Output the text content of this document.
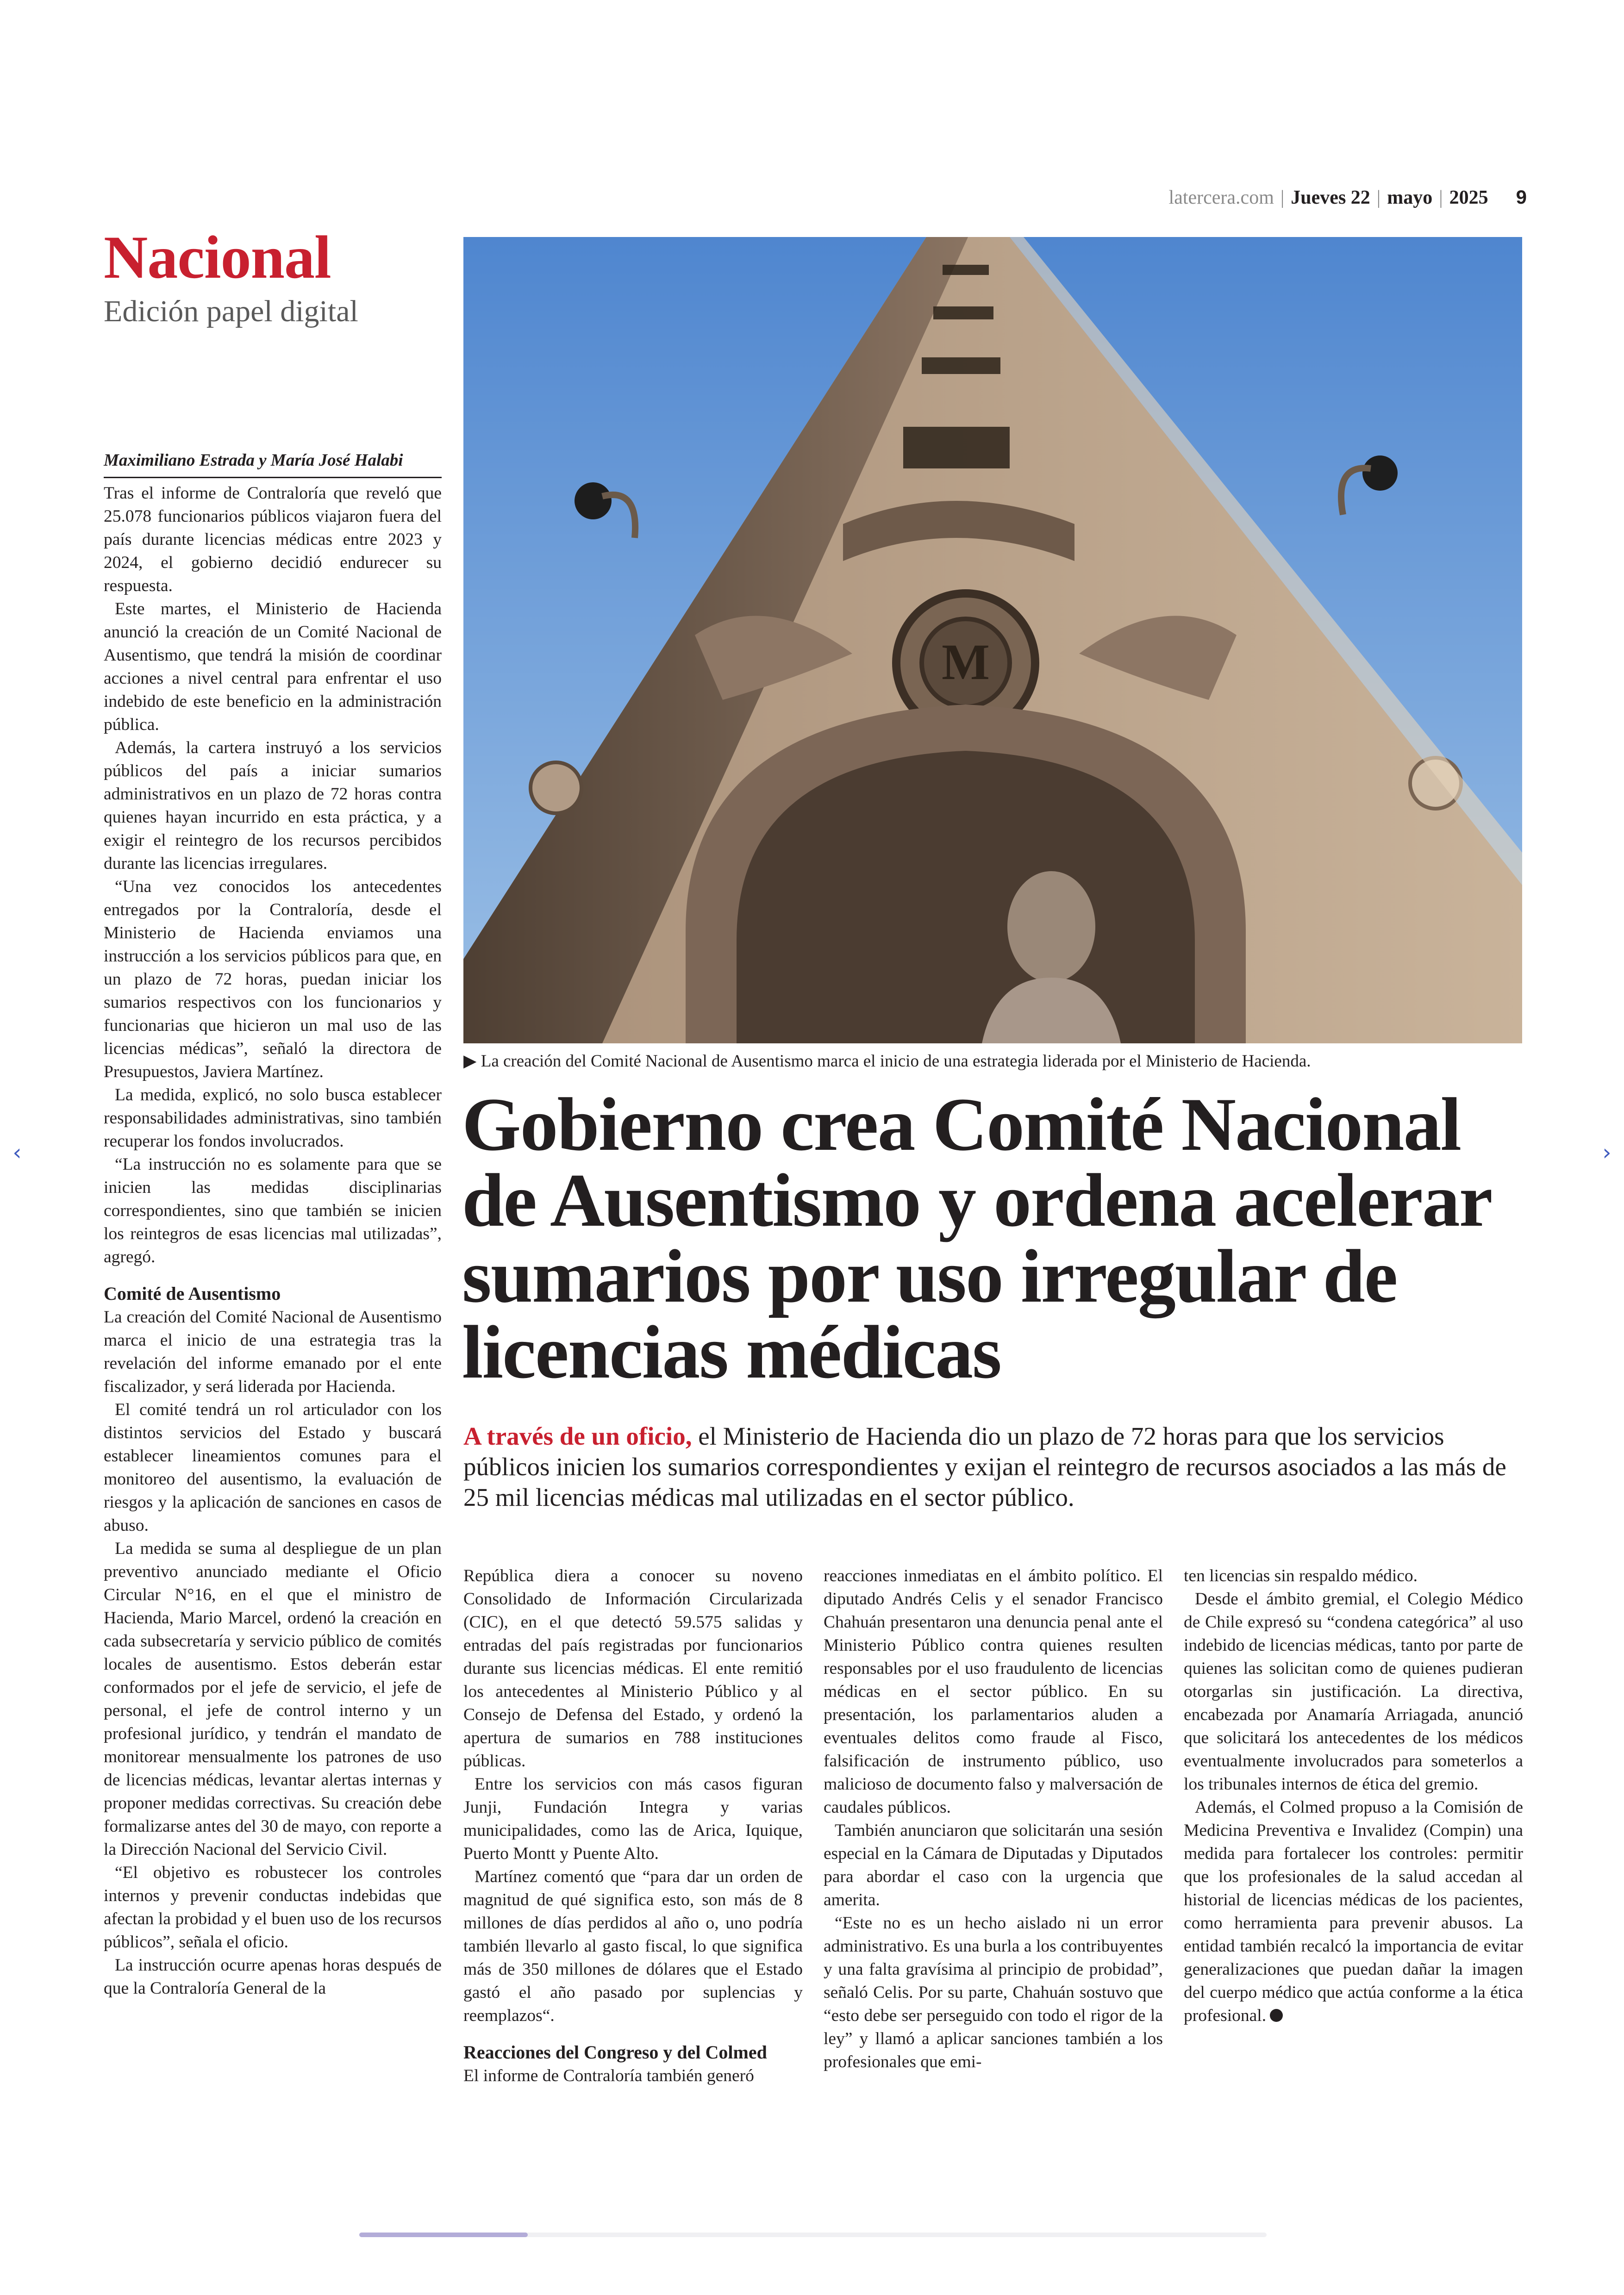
latercera.com | Jueves 22 | mayo | 2025 9
Nacional
Edición papel digital
M
▶ La creación del Comité Nacional de Ausentismo marca el inicio de una estrategia liderada por el Ministerio de Hacienda.
Gobierno crea Comité Nacional de Ausentismo y ordena acelerar sumarios por uso irregular de licencias médicas
A través de un oficio, el Ministerio de Hacienda dio un plazo de 72 horas para que los servicios públicos inicien los sumarios correspondientes y exijan el reintegro de recursos asociados a las más de 25 mil licencias médicas mal utilizadas en el sector público.
Maximiliano Estrada y María José Halabi

Tras el informe de Contraloría que reveló que 25.078 funcionarios públicos viajaron fuera del país durante licencias médicas entre 2023 y 2024, el gobierno decidió endurecer su respuesta.

Este martes, el Ministerio de Hacienda anunció la creación de un Comité Nacional de Ausentismo, que tendrá la misión de coordinar acciones a nivel central para enfrentar el uso indebido de este beneficio en la administración pública.

Además, la cartera instruyó a los servicios públicos del país a iniciar sumarios administrativos en un plazo de 72 horas contra quienes hayan incurrido en esta práctica, y a exigir el reintegro de los recursos percibidos durante las licencias irregulares.

“Una vez conocidos los antecedentes entregados por la Contraloría, desde el Ministerio de Hacienda enviamos una instrucción a los servicios públicos para que, en un plazo de 72 horas, puedan iniciar los sumarios respectivos con los funcionarios y funcionarias que hicieron un mal uso de las licencias médicas”, señaló la directora de Presupuestos, Javiera Martínez.

La medida, explicó, no solo busca establecer responsabilidades administrativas, sino también recuperar los fondos involucrados.

“La instrucción no es solamente para que se inicien las medidas disciplinarias correspondientes, sino que también se inicien los reintegros de esas licencias mal utilizadas”, agregó.

Comité de Ausentismo

La creación del Comité Nacional de Ausentismo marca el inicio de una estrategia tras la revelación del informe emanado por el ente fiscalizador, y será liderada por Hacienda.

El comité tendrá un rol articulador con los distintos servicios del Estado y buscará establecer lineamientos comunes para el monitoreo del ausentismo, la evaluación de riesgos y la aplicación de sanciones en casos de abuso.

La medida se suma al despliegue de un plan preventivo anunciado mediante el Oficio Circular N°16, en el que el ministro de Hacienda, Mario Marcel, ordenó la creación en cada subsecretaría y servicio público de comités locales de ausentismo. Estos deberán estar conformados por el jefe de servicio, el jefe de personal, el jefe de control interno y un profesional jurídico, y tendrán el mandato de monitorear mensualmente los patrones de uso de licencias médicas, levantar alertas internas y proponer medidas correctivas. Su creación debe formalizarse antes del 30 de mayo, con reporte a la Dirección Nacional del Servicio Civil.

“El objetivo es robustecer los controles internos y prevenir conductas indebidas que afectan la probidad y el buen uso de los recursos públicos”, señala el oficio.

La instrucción ocurre apenas horas después de que la Contraloría General de la

República diera a conocer su noveno Consolidado de Información Circularizada (CIC), en el que detectó 59.575 salidas y entradas del país registradas por funcionarios durante sus licencias médicas. El ente remitió los antecedentes al Ministerio Público y al Consejo de Defensa del Estado, y ordenó la apertura de sumarios en 788 instituciones públicas.

Entre los servicios con más casos figuran Junji, Fundación Integra y varias municipalidades, como las de Arica, Iquique, Puerto Montt y Puente Alto.

Martínez comentó que “para dar un orden de magnitud de qué significa esto, son más de 8 millones de días perdidos al año o, uno podría también llevarlo al gasto fiscal, lo que significa más de 350 millones de dólares que el Estado gastó el año pasado por suplencias y reemplazos“.

Reacciones del Congreso y del Colmed

El informe de Contraloría también generó

reacciones inmediatas en el ámbito político. El diputado Andrés Celis y el senador Francisco Chahuán presentaron una denuncia penal ante el Ministerio Público contra quienes resulten responsables por el uso fraudulento de licencias médicas en el sector público. En su presentación, los parlamentarios aluden a eventuales delitos como fraude al Fisco, falsificación de instrumento público, uso malicioso de documento falso y malversación de caudales públicos.

También anunciaron que solicitarán una sesión especial en la Cámara de Diputadas y Diputados para abordar el caso con la urgencia que amerita.

“Este no es un hecho aislado ni un error administrativo. Es una burla a los contribuyentes y una falta gravísima al principio de probidad”, señaló Celis. Por su parte, Chahuán sostuvo que “esto debe ser perseguido con todo el rigor de la ley” y llamó a aplicar sanciones también a los profesionales que emi-

ten licencias sin respaldo médico.

Desde el ámbito gremial, el Colegio Médico de Chile expresó su “condena categórica” al uso indebido de licencias médicas, tanto por parte de quienes las solicitan como de quienes pudieran otorgarlas sin justificación. La directiva, encabezada por Anamaría Arriagada, anunció que solicitará los antecedentes de los médicos eventualmente involucrados para someterlos a los tribunales internos de ética del gremio.

Además, el Colmed propuso a la Comisión de Medicina Preventiva e Invalidez (Compin) una medida para fortalecer los controles: permitir que los profesionales de la salud accedan al historial de licencias médicas de los pacientes, como herramienta para prevenir abusos. La entidad también recalcó la importancia de evitar generalizaciones que puedan dañar la imagen del cuerpo médico que actúa conforme a la ética profesional.

‹	›
